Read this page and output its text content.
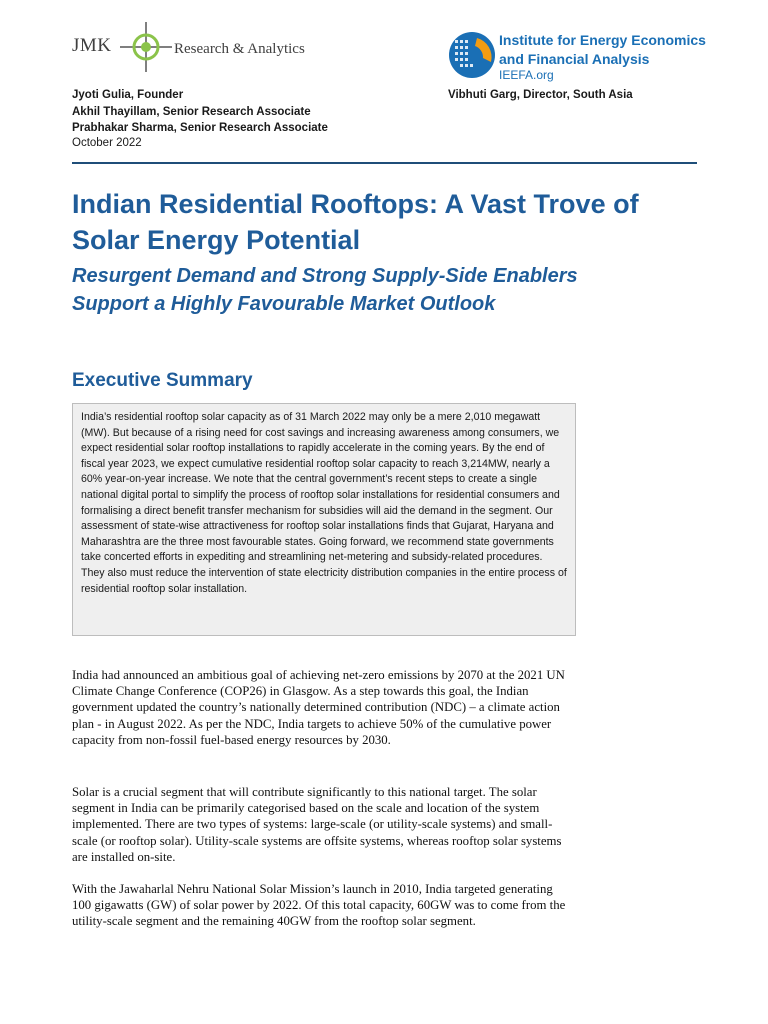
JMK	Research & Analytics
Institute for Energy Economics
and Financial Analysis
IEEFA.org
Jyoti Gulia, Founder
Akhil Thayillam, Senior Research Associate
Prabhakar Sharma, Senior Research Associate
October 2022
Vibhuti Garg, Director, South Asia
Indian Residential Rooftops: A Vast Trove of Solar Energy Potential
Resurgent Demand and Strong Supply-Side Enablers Support a Highly Favourable Market Outlook
Executive Summary
India’s residential rooftop solar capacity as of 31 March 2022 may only be a mere 2,010 megawatt (MW). But because of a rising need for cost savings and increasing awareness among consumers, we expect residential solar rooftop installations to rapidly accelerate in the coming years. By the end of fiscal year 2023, we expect cumulative residential rooftop solar capacity to reach 3,214MW, nearly a 60% year-on-year increase. We note that the central government’s recent steps to create a single national digital portal to simplify the process of rooftop solar installations for residential consumers and formalising a direct benefit transfer mechanism for subsidies will aid the demand in the segment. Our assessment of state-wise attractiveness for rooftop solar installations finds that Gujarat, Haryana and Maharashtra are the three most favourable states. Going forward, we recommend state governments take concerted efforts in expediting and streamlining net-metering and subsidy-related procedures. They also must reduce the intervention of state electricity distribution companies in the entire process of residential rooftop solar installation.

India had announced an ambitious goal of achieving net-zero emissions by 2070 at the 2021 UN Climate Change Conference (COP26) in Glasgow. As a step towards this goal, the Indian government updated the country’s nationally determined contribution (NDC) – a climate action plan - in August 2022. As per the NDC, India targets to achieve 50% of the cumulative power capacity from non-fossil fuel-based energy resources by 2030.

Solar is a crucial segment that will contribute significantly to this national target. The solar segment in India can be primarily categorised based on the scale and location of the system implemented. There are two types of systems: large-scale (or utility-scale systems) and small-scale (or rooftop solar). Utility-scale systems are offsite systems, whereas rooftop solar systems are installed on-site.

With the Jawaharlal Nehru National Solar Mission’s launch in 2010, India targeted generating 100 gigawatts (GW) of solar power by 2022. Of this total capacity, 60GW was to come from the utility-scale segment and the remaining 40GW from the rooftop solar segment.
